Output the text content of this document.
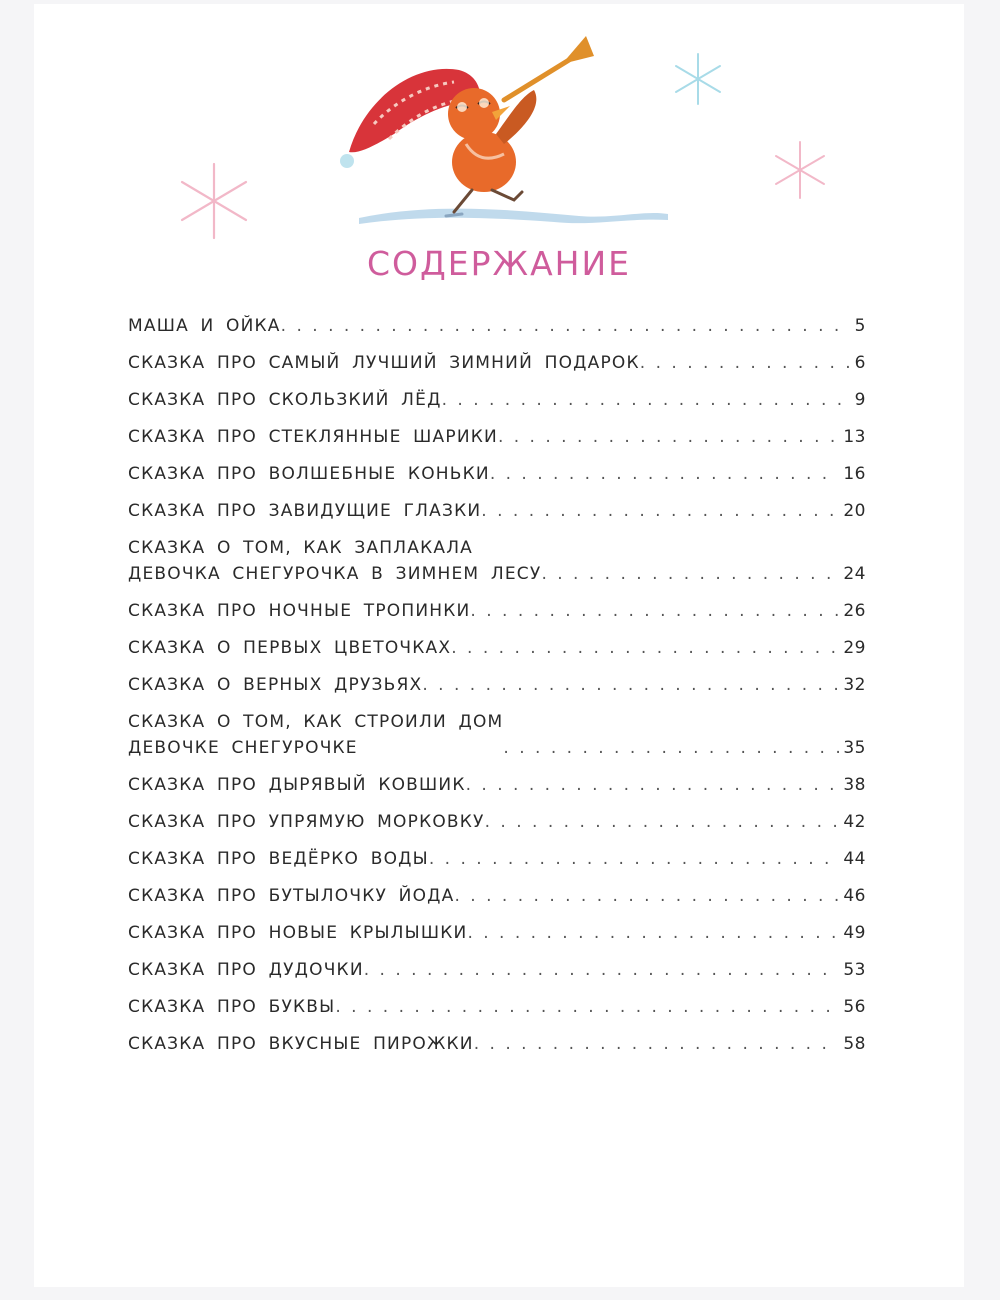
СОДЕРЖАНИЕ
МАША И ОЙКА . . .	5
СКАЗКА ПРО САМЫЙ ЛУЧШИЙ ЗИМНИЙ ПОДАРОК . . .	6
СКАЗКА ПРО СКОЛЬЗКИЙ ЛЁД . . .	9
СКАЗКА ПРО СТЕКЛЯННЫЕ ШАРИКИ . . .	13
СКАЗКА ПРО ВОЛШЕБНЫЕ КОНЬКИ . . .	16
СКАЗКА ПРО ЗАВИДУЩИЕ ГЛАЗКИ . . .	20
СКАЗКА О ТОМ, КАК ЗАПЛАКАЛА
ДЕВОЧКА СНЕГУРОЧКА В ЗИМНЕМ ЛЕСУ . . .	24
СКАЗКА ПРО НОЧНЫЕ ТРОПИНКИ . . .	26
СКАЗКА О ПЕРВЫХ ЦВЕТОЧКАХ . . .	29
СКАЗКА О ВЕРНЫХ ДРУЗЬЯХ . . .	32
СКАЗКА О ТОМ, КАК СТРОИЛИ ДОМ
ДЕВОЧКЕ СНЕГУРОЧКЕ . . .	35
СКАЗКА ПРО ДЫРЯВЫЙ КОВШИК . . .	38
СКАЗКА ПРО УПРЯМУЮ МОРКОВКУ . . .	42
СКАЗКА ПРО ВЕДЁРКО ВОДЫ . . .	44
СКАЗКА ПРО БУТЫЛОЧКУ ЙОДА . . .	46
СКАЗКА ПРО НОВЫЕ КРЫЛЫШКИ . . .	49
СКАЗКА ПРО ДУДОЧКИ . . .	53
СКАЗКА ПРО БУКВЫ . . .	56
СКАЗКА ПРО ВКУСНЫЕ ПИРОЖКИ . . .	58
